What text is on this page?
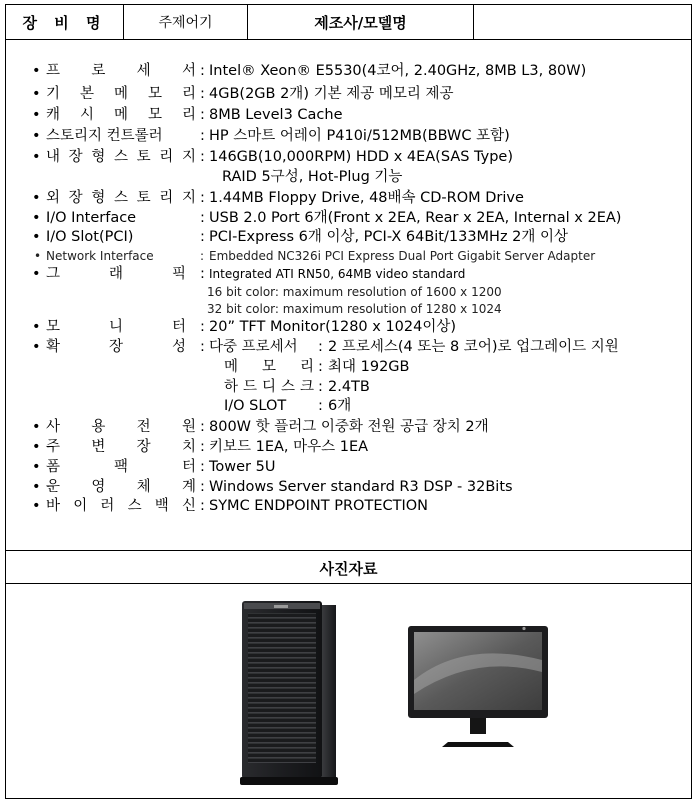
장 비 명	주제어기	제조사/모델명
• 프 로 세 서 : Intel® Xeon® E5530(4코어, 2.40GHz, 8MB L3, 80W)
• 기 본 메 모 리 : 4GB(2GB 2개) 기본 제공 메모리 제공
• 캐 시 메 모 리 : 8MB Level3 Cache
• 스토리지 컨트롤러	: HP 스마트 어레이 P410i/512MB(BBWC 포함)
• 내 장 형 스 토 리 지 : 146GB(10,000RPM) HDD x 4EA(SAS Type)
RAID 5구성, Hot-Plug 기능
• 외 장 형 스 토 리 지 : 1.44MB Floppy Drive, 48배속 CD-ROM Drive
• I/O Interface	: USB 2.0 Port 6개(Front x 2EA, Rear x 2EA, Internal x 2EA)
• I/O Slot(PCI)	: PCI-Express 6개 이상, PCI-X 64Bit/133MHz 2개 이상
• Network Interface	: Embedded NC326i PCI Express Dual Port Gigabit Server Adapter
• 그	래	픽 : Integrated ATI RN50, 64MB video standard
16 bit color: maximum resolution of 1600 x 1200
32 bit color: maximum resolution of 1280 x 1024
• 모	니	터 : 20” TFT Monitor(1280 x 1024이상)
• 확	장	성 : 다중 프로세서 : 2 프로세스(4 또는 8 코어)로 업그레이드 지원
메 모 리 : 최대 192GB
하 드 디 스 크 : 2.4TB
I/O SLOT	: 6개
• 사 용 전 원 : 800W 핫 플러그 이중화 전원 공급 장치 2개
• 주 변 장 치 : 키보드 1EA, 마우스 1EA
• 폼	팩	터 : Tower 5U
• 운 영 체 계 : Windows Server standard R3 DSP - 32Bits
• 바 이 러 스 백 신 : SYMC ENDPOINT PROTECTION
사진자료
